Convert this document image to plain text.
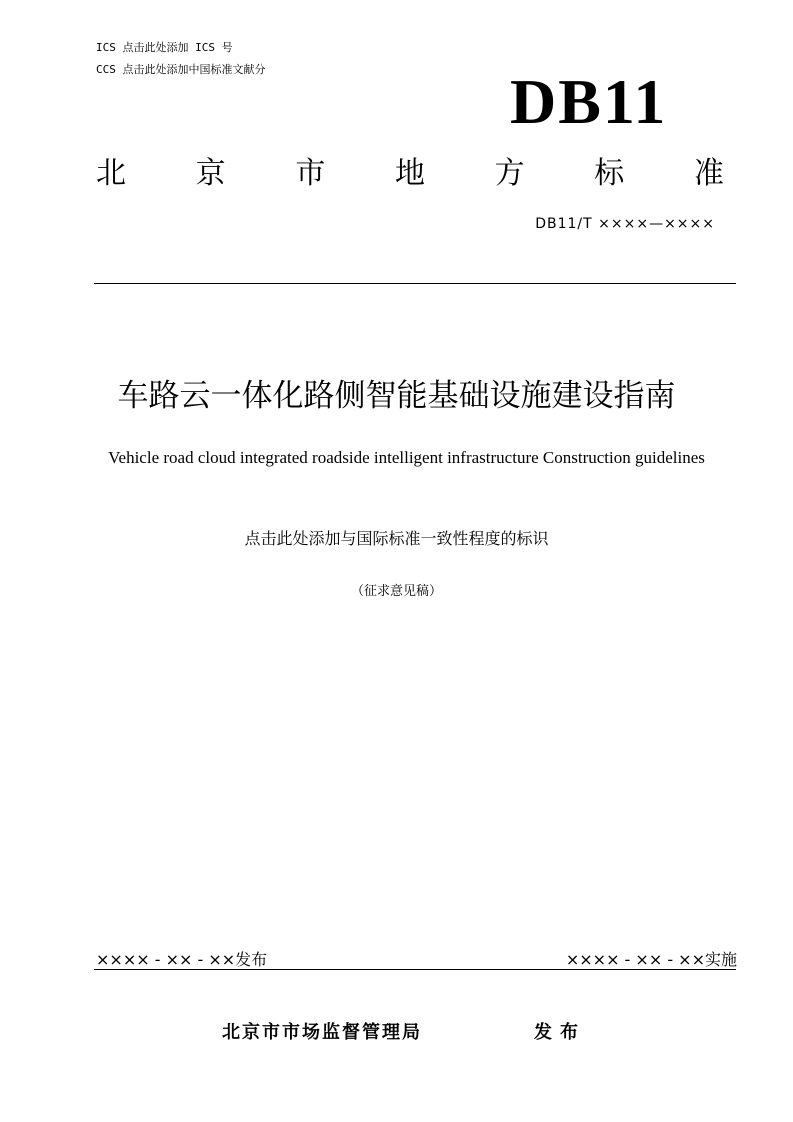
ICS 点击此处添加 ICS 号
CCS 点击此处添加中国标准文献分	DB11
北 京 市 地 方 标 准
DB11/T ××××—××××
车路云一体化路侧智能基础设施建设指南
Vehicle road cloud integrated roadside intelligent infrastructure Construction guidelines
点击此处添加与国际标准一致性程度的标识
（征求意见稿）
×××× - ×× - ××发布	×××× - ×× - ××实施
北京市市场监督管理局	发布
